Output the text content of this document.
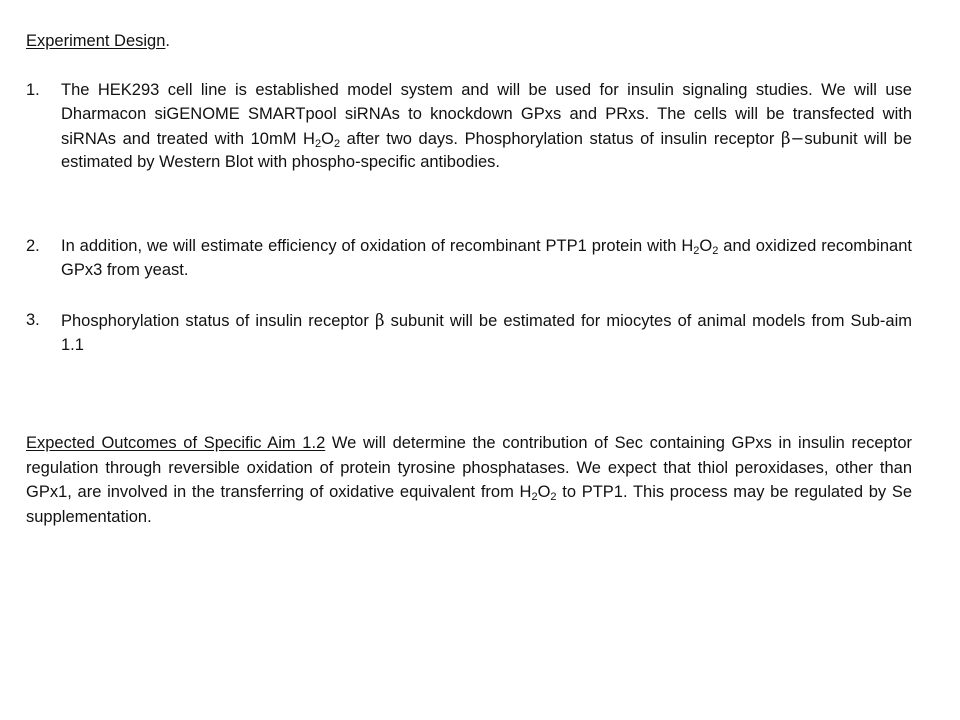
Experiment Design.
1. The HEK293 cell line is established model system and will be used for insulin signaling studies. We will use Dharmacon siGENOME SMARTpool siRNAs to knockdown GPxs and PRxs. The cells will be transfected with siRNAs and treated with 10mM $H_2O_2$ after two days. Phosphorylation status of insulin receptor β−subunit will be estimated by Western Blot with phospho-specific antibodies.
2. In addition, we will estimate efficiency of oxidation of recombinant PTP1 protein with $H_2O_2$ and oxidized recombinant GPx3 from yeast.
3. Phosphorylation status of insulin receptor β subunit will be estimated for miocytes of animal models from Sub-aim 1.1
Expected Outcomes of Specific Aim 1.2 We will determine the contribution of Sec containing GPxs in insulin receptor regulation through reversible oxidation of protein tyrosine phosphatases. We expect that thiol peroxidases, other than GPx1, are involved in the transferring of oxidative equivalent from $H_2O_2$ to PTP1. This process may be regulated by Se supplementation.
